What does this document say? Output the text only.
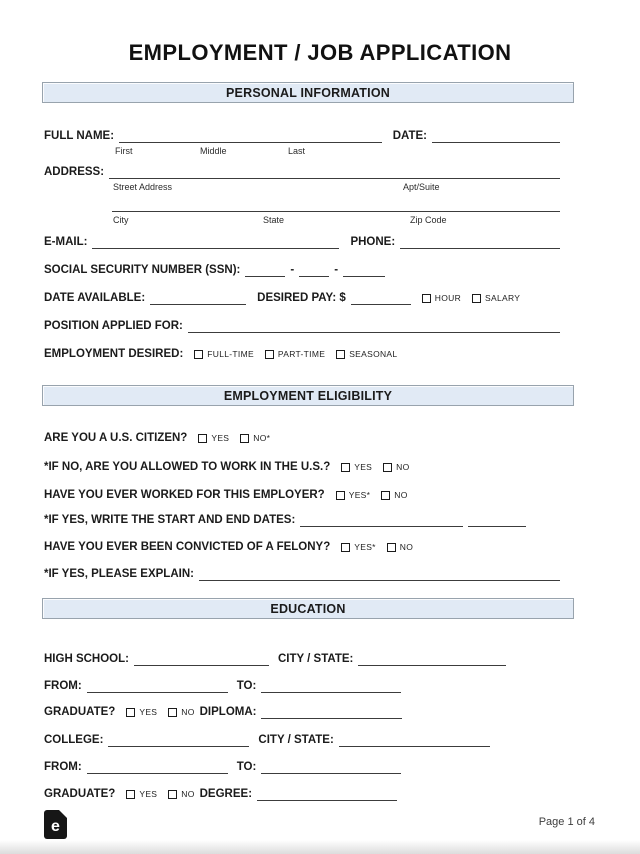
EMPLOYMENT / JOB APPLICATION
PERSONAL INFORMATION
FULL NAME:	DATE:
First	Middle	Last
ADDRESS:
Street Address	Apt/Suite
City	State	Zip Code
E-MAIL:	PHONE:
SOCIAL SECURITY NUMBER (SSN):	-	-
DATE AVAILABLE:	DESIRED PAY: $	HOUR	SALARY
POSITION APPLIED FOR:
EMPLOYMENT DESIRED:	FULL-TIME	PART-TIME	SEASONAL
EMPLOYMENT ELIGIBILITY
ARE YOU A U.S. CITIZEN?	YES	NO*
*IF NO, ARE YOU ALLOWED TO WORK IN THE U.S.?	YES	NO
HAVE YOU EVER WORKED FOR THIS EMPLOYER?	YES*	NO
*IF YES, WRITE THE START AND END DATES:
HAVE YOU EVER BEEN CONVICTED OF A FELONY?	YES*	NO
*IF YES, PLEASE EXPLAIN:
EDUCATION
HIGH SCHOOL:	CITY / STATE:
FROM:	TO:
GRADUATE?	YES	NO DIPLOMA:
COLLEGE:	CITY / STATE:
FROM:	TO:
GRADUATE?	YES	NO DEGREE:
e	Page 1 of 4
